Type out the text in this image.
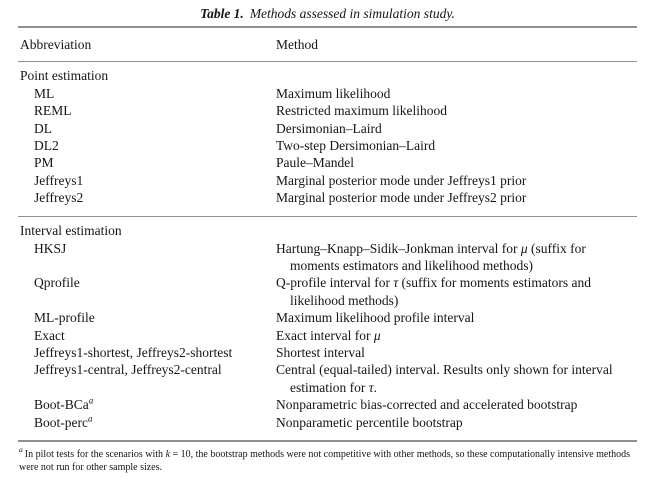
Table 1. Methods assessed in simulation study.
Abbreviation	Method
Point estimation
ML	Maximum likelihood
REML	Restricted maximum likelihood
DL	Dersimonian–Laird
DL2	Two-step Dersimonian–Laird
PM	Paule–Mandel
Jeffreys1	Marginal posterior mode under Jeffreys1 prior
Jeffreys2	Marginal posterior mode under Jeffreys2 prior
Interval estimation
HKSJ	Hartung–Knapp–Sidik–Jonkman interval for μ (suffix for moments estimators and likelihood methods)
Qprofile	Q-profile interval for τ (suffix for moments estimators and likelihood methods)
ML-profile	Maximum likelihood profile interval
Exact	Exact interval for μ
Jeffreys1-shortest, Jeffreys2-shortest	Shortest interval
Jeffreys1-central, Jeffreys2-central	Central (equal-tailed) interval. Results only shown for interval estimation for τ.
Boot-BCa$^a$	Nonparametric bias-corrected and accelerated bootstrap
Boot-perc$^a$	Nonparametic percentile bootstrap
$^a$ In pilot tests for the scenarios with k = 10, the bootstrap methods were not competitive with other methods, so these computationally intensive methods were not run for other sample sizes.
